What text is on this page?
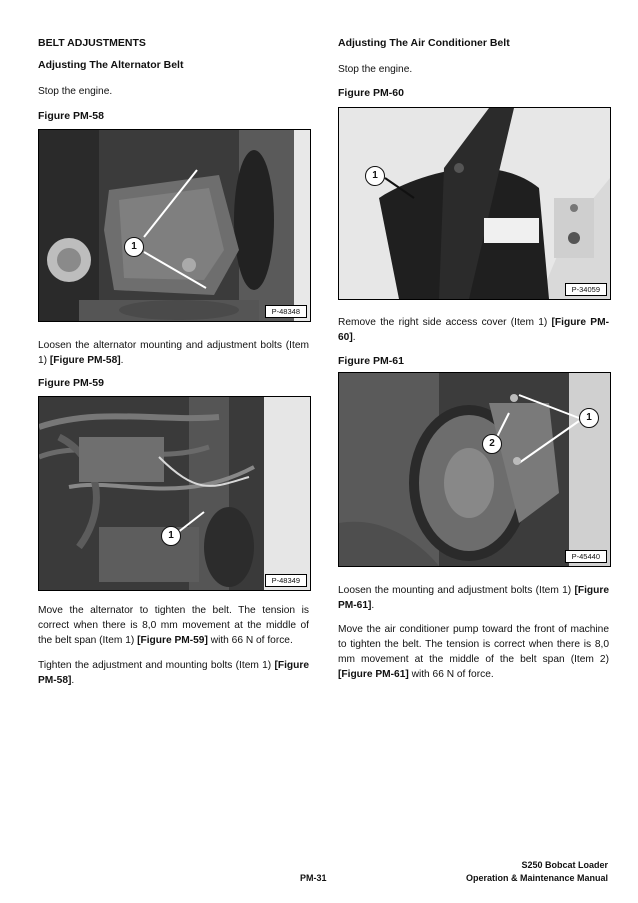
BELT ADJUSTMENTS
Adjusting The Alternator Belt
Stop the engine.
Figure PM-58
1
P-48348
Loosen the alternator mounting and adjustment bolts (Item 1) [Figure PM-58].
Figure PM-59
1
P-48349
Move the alternator to tighten the belt. The tension is correct when there is 8,0 mm movement at the middle of the belt span (Item 1) [Figure PM-59] with 66 N of force.
Tighten the adjustment and mounting bolts (Item 1) [Figure PM-58].
Adjusting The Air Conditioner Belt
Stop the engine.
Figure PM-60
1
P-34059
Remove the right side access cover (Item 1) [Figure PM-60].
Figure PM-61
1
2
P-45440
Loosen the mounting and adjustment bolts (Item 1) [Figure PM-61].
Move the air conditioner pump toward the front of machine to tighten the belt. The tension is correct when there is 8,0 mm movement at the middle of the belt span (Item 2) [Figure PM-61] with 66 N of force.
PM-31
S250 Bobcat Loader
Operation & Maintenance Manual
